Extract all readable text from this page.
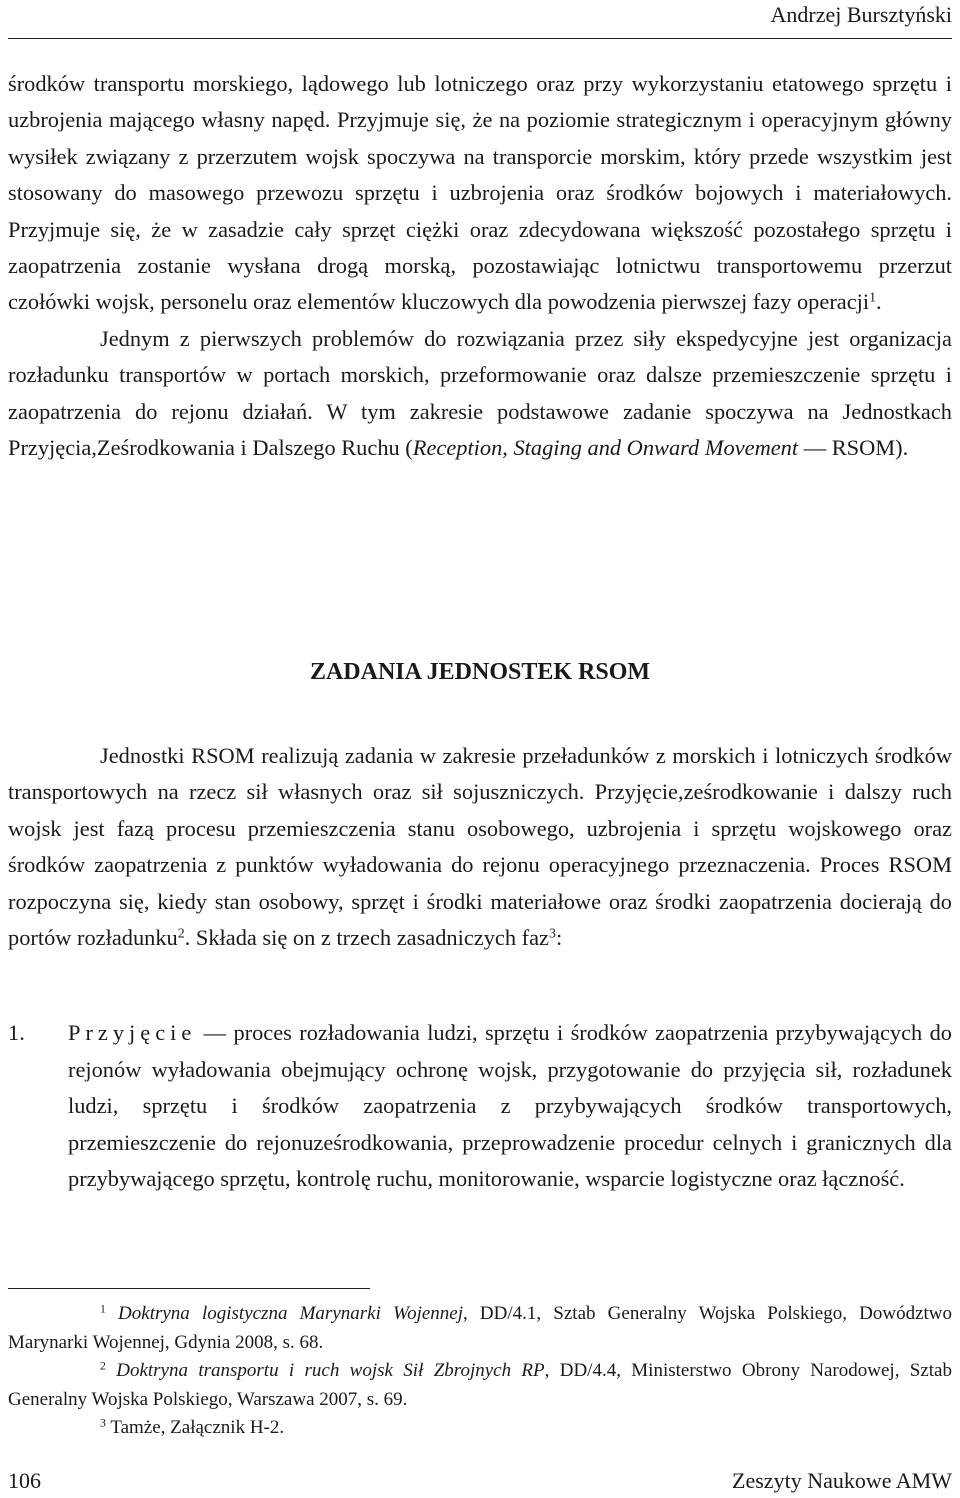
Andrzej Bursztyński

środków transportu morskiego, lądowego lub lotniczego oraz przy wykorzystaniu etatowego sprzętu i uzbrojenia mającego własny napęd. Przyjmuje się, że na poziomie strategicznym i operacyjnym główny wysiłek związany z przerzutem wojsk spoczywa na transporcie morskim, który przede wszystkim jest stosowany do masowego przewozu sprzętu i uzbrojenia oraz środków bojowych i materiałowych. Przyjmuje się, że w zasadzie cały sprzęt ciężki oraz zdecydowana większość pozostałego sprzętu i zaopatrzenia zostanie wysłana drogą morską, pozostawiając lotnictwu transportowemu przerzut czołówki wojsk, personelu oraz elementów kluczowych dla powodzenia pierwszej fazy operacji$^1$.

Jednym z pierwszych problemów do rozwiązania przez siły ekspedycyjne jest organizacja rozładunku transportów w portach morskich, przeformowanie oraz dalsze przemieszczenie sprzętu i zaopatrzenia do rejonu działań. W tym zakresie podstawowe zadanie spoczywa na Jednostkach Przyjęcia,Ześrodkowania i Dalszego Ruchu (Reception, Staging and Onward Movement — RSOM).

ZADANIA JEDNOSTEK RSOM

Jednostki RSOM realizują zadania w zakresie przeładunków z morskich i lotniczych środków transportowych na rzecz sił własnych oraz sił sojuszniczych. Przyjęcie,ześrodkowanie i dalszy ruch wojsk jest fazą procesu przemieszczenia stanu osobowego, uzbrojenia i sprzętu wojskowego oraz środków zaopatrzenia z punktów wyładowania do rejonu operacyjnego przeznaczenia. Proces RSOM rozpoczyna się, kiedy stan osobowy, sprzęt i środki materiałowe oraz środki zaopatrzenia docierają do portów rozładunku$^2$. Składa się on z trzech zasadniczych faz$^3$:

1. Przyjęcie — proces rozładowania ludzi, sprzętu i środków zaopatrzenia przybywających do rejonów wyładowania obejmujący ochronę wojsk, przygotowanie do przyjęcia sił, rozładunek ludzi, sprzętu i środków zaopatrzenia z przybywających środków transportowych, przemieszczenie do rejonuześrodkowania, przeprowadzenie procedur celnych i granicznych dla przybywającego sprzętu, kontrolę ruchu, monitorowanie, wsparcie logistyczne oraz łączność.

$^1$ Doktryna logistyczna Marynarki Wojennej, DD/4.1, Sztab Generalny Wojska Polskiego, Dowództwo Marynarki Wojennej, Gdynia 2008, s. 68.

$^2$ Doktryna transportu i ruch wojsk Sił Zbrojnych RP, DD/4.4, Ministerstwo Obrony Narodowej, Sztab Generalny Wojska Polskiego, Warszawa 2007, s. 69.

$^3$ Tamże, Załącznik H-2.

106	Zeszyty Naukowe AMW
